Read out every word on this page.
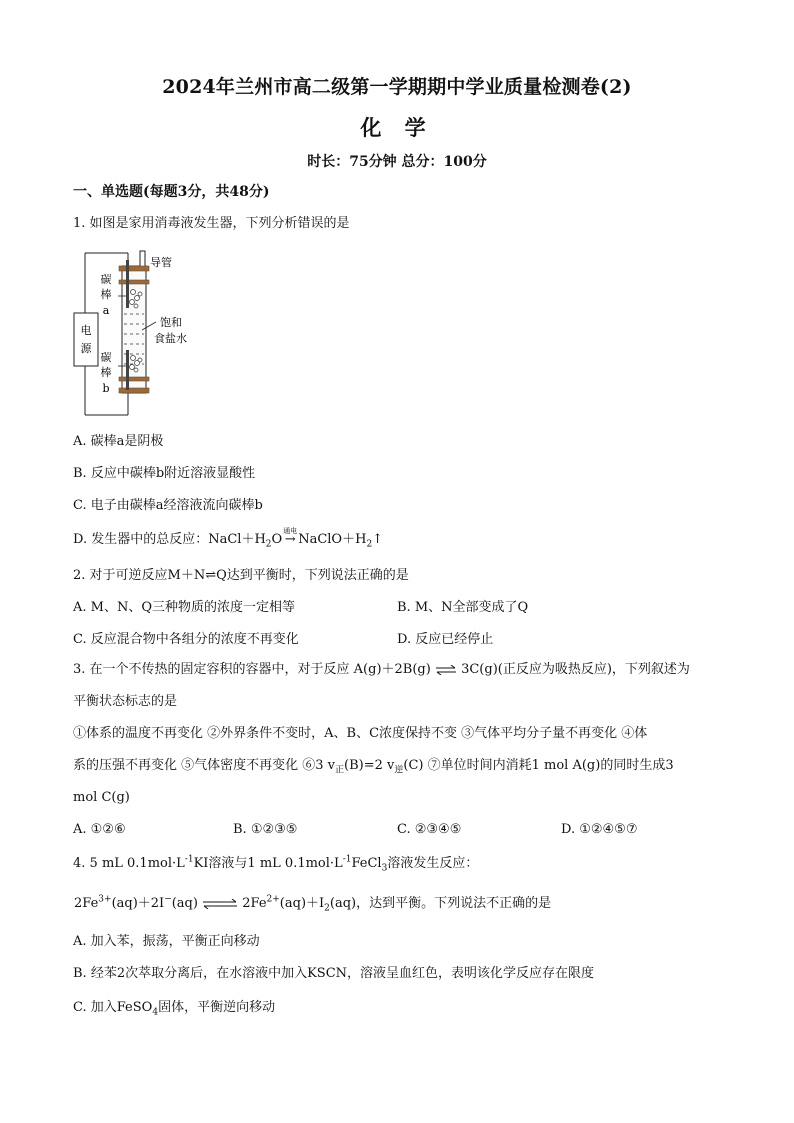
2024年兰州市高二级第一学期期中学业质量检测卷(2)
化 学
时长：75分钟 总分：100分
一、单选题(每题3分，共48分)
1. 如图是家用消毒液发生器，下列分析错误的是
电
源
碳
棒
a
碳
棒
b
导管
饱和
食盐水
A. 碳棒a是阴极
B. 反应中碳棒b附近溶液显酸性
C. 电子由碳棒a经溶液流向碳棒b
D. 发生器中的总反应：$NaCl+H_2O$
通电
→ $NaClO+H_2↑$
2. 对于可逆反应M＋N⇌Q达到平衡时，下列说法正确的是
A. M、N、Q三种物质的浓度一定相等	B. M、N全部变成了Q
C. 反应混合物中各组分的浓度不再变化	D. 反应已经停止
3. 在一个不传热的固定容积的容器中，对于反应 A(g)＋2B(g) ⇌ 3C(g)(正反应为吸热反应)，下列叙述为
平衡状态标志的是
①体系的温度不再变化 ②外界条件不变时，A、B、C浓度保持不变 ③气体平均分子量不再变化 ④体
系的压强不再变化 ⑤气体密度不再变化 ⑥3 $v_正(B)=2$ $v_逆(C)$ ⑦单位时间内消耗1 mol A(g)的同时生成3
mol C(g)
A. ①②⑥	B. ①②③⑤	C. ②③④⑤	D. ①②④⑤⑦
4. 5 mL $0.1mol\cdot L^{-1}KI$溶液与1 mL $0.1mol\cdot L^{-1}FeCl_3$溶液发生反应：
$2Fe^{3+}(aq)+2I^-(aq)$ ⇌ $2Fe^{2+}(aq)+I_2(aq)$，达到平衡。下列说法不正确的是
A. 加入苯，振荡，平衡正向移动
B. 经苯2次萃取分离后，在水溶液中加入KSCN，溶液呈血红色，表明该化学反应存在限度
C. 加入FeSO$_4$固体，平衡逆向移动
